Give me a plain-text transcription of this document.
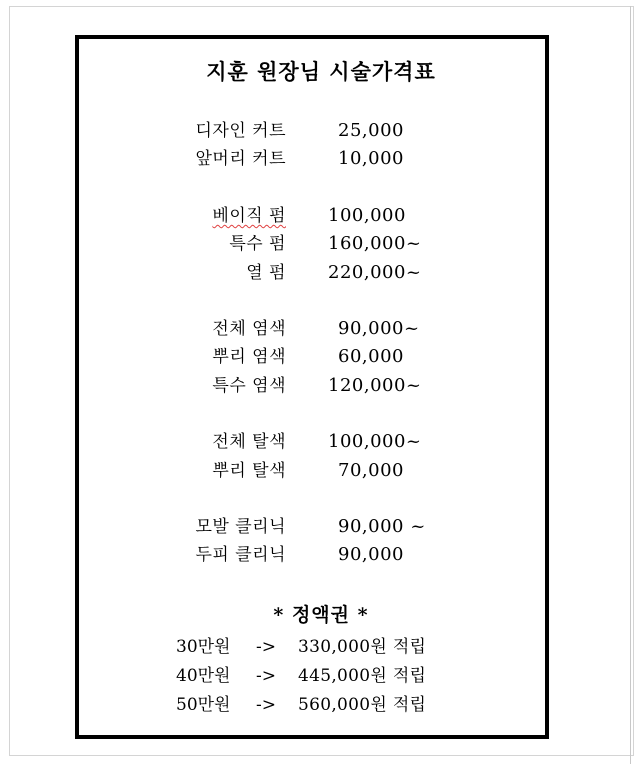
지훈 원장님 시술가격표
디자인 커트	25,000
앞머리 커트	10,000
베이직 펌 100,000
특수 펌 160,000~
열 펌 220,000~
전체 염색	90,000~
뿌리 염색	60,000
특수 염색 120,000~
전체 탈색 100,000~
뿌리 탈색	70,000
모발 클리닉	90,000 ~
두피 클리닉	90,000
* 정액권 *
30만원 -> 330,000원 적립
40만원 -> 445,000원 적립
50만원 -> 560,000원 적립
